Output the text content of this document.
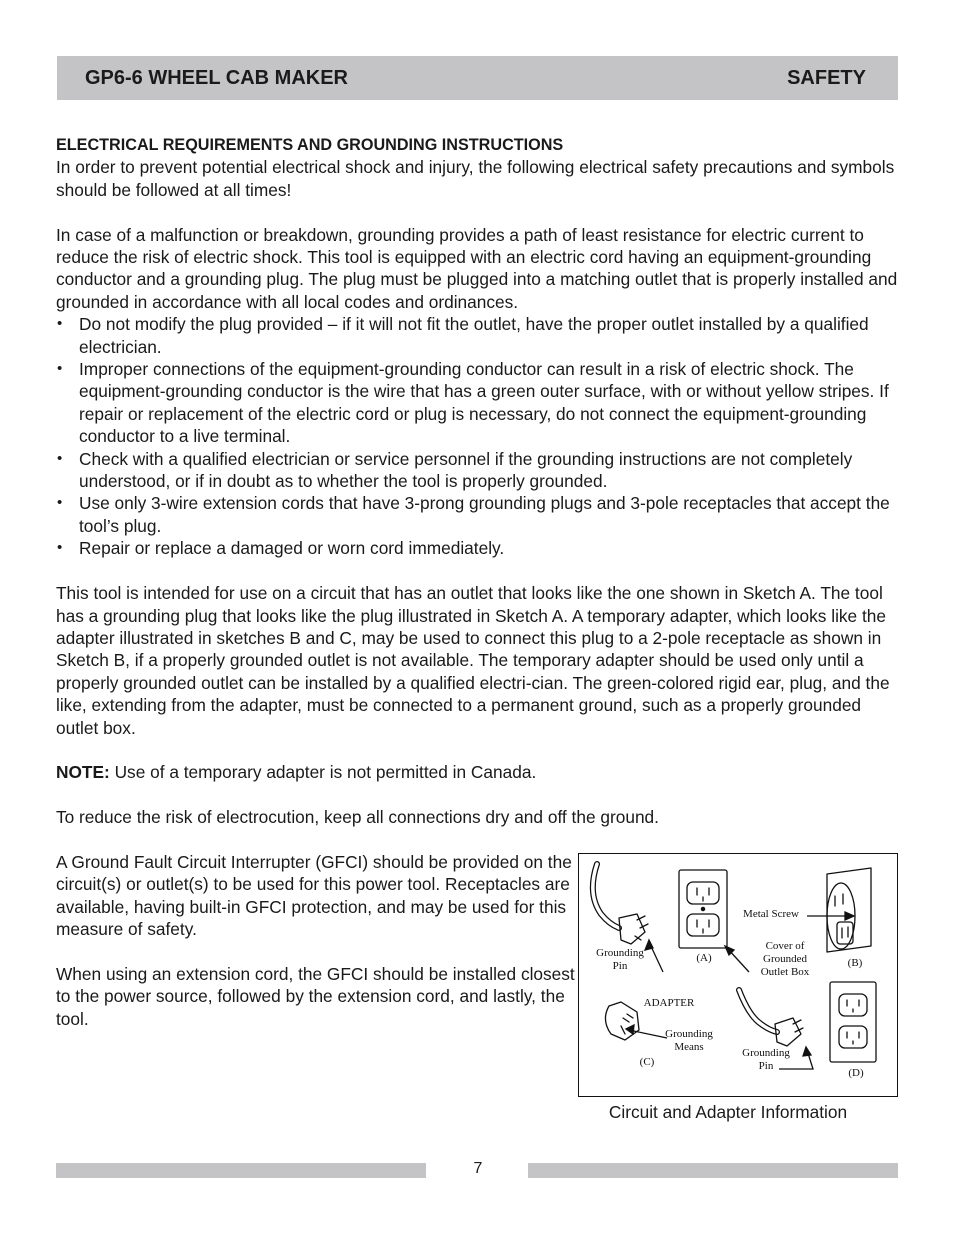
GP6-6 WHEEL CAB MAKER	SAFETY

ELECTRICAL REQUIREMENTS AND GROUNDING INSTRUCTIONS

In order to prevent potential electrical shock and injury, the following electrical safety precautions and symbols should be followed at all times!

In case of a malfunction or breakdown, grounding provides a path of least resistance for electric current to reduce the risk of electric shock. This tool is equipped with an electric cord having an equipment-grounding conductor and a grounding plug. The plug must be plugged into a matching outlet that is properly installed and grounded in accordance with all local codes and ordinances.

• Do not modify the plug provided – if it will not fit the outlet, have the proper outlet installed by a qualified electrician.
• Improper connections of the equipment-grounding conductor can result in a risk of electric shock. The equipment-grounding conductor is the wire that has a green outer surface, with or without yellow stripes. If repair or replacement of the electric cord or plug is necessary, do not connect the equipment-grounding conductor to a live terminal.
• Check with a qualified electrician or service personnel if the grounding instructions are not completely understood, or if in doubt as to whether the tool is properly grounded.
• Use only 3-wire extension cords that have 3-prong grounding plugs and 3-pole receptacles that accept the tool’s plug.
• Repair or replace a damaged or worn cord immediately.

This tool is intended for use on a circuit that has an outlet that looks like the one shown in Sketch A. The tool has a grounding plug that looks like the plug illustrated in Sketch A. A temporary adapter, which looks like the adapter illustrated in sketches B and C, may be used to connect this plug to a 2-pole receptacle as shown in Sketch B, if a properly grounded outlet is not available. The temporary adapter should be used only until a properly grounded outlet can be installed by a qualified electri-cian. The green-colored rigid ear, plug, and the like, extending from the adapter, must be connected to a permanent ground, such as a properly grounded outlet box.

NOTE: Use of a temporary adapter is not permitted in Canada.

To reduce the risk of electrocution, keep all connections dry and off the ground.

A Ground Fault Circuit Interrupter (GFCI) should be provided on the circuit(s) or outlet(s) to be used for this power tool. Receptacles are available, having built-in GFCI protection, and may be used for this measure of safety.

When using an extension cord, the GFCI should be installed closest to the power source, followed by the extension cord, and lastly, the tool.

Grounding Pin
(A)
Metal Screw
Cover of Grounded Outlet Box
(B)
ADAPTER
Grounding Means
(C)
Grounding Pin
(D)
Circuit and Adapter Information
7
